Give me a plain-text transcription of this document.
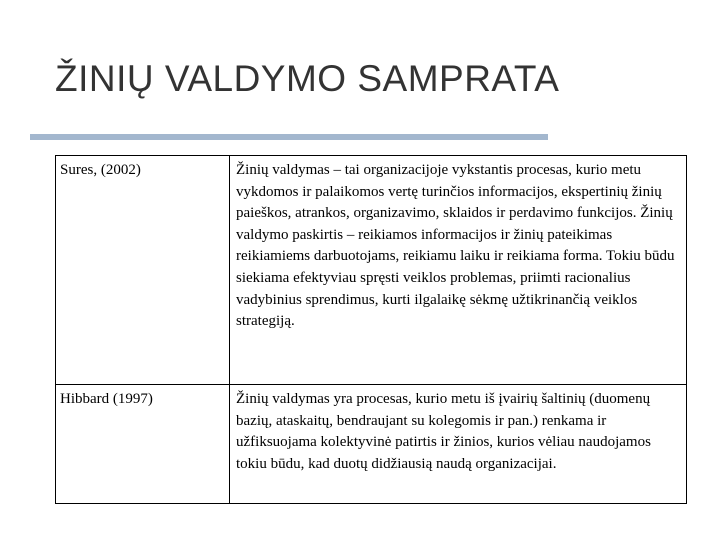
ŽINIŲ VALDYMO SAMPRATA
Sures, (2002)	Žinių valdymas – tai organizacijoje vykstantis procesas, kurio metu vykdomos ir palaikomos vertę turinčios informacijos, ekspertinių žinių paieškos, atrankos, organizavimo, sklaidos ir perdavimo funkcijos. Žinių valdymo paskirtis – reikiamos informacijos ir žinių pateikimas reikiamiems darbuotojams, reikiamu laiku ir reikiama forma. Tokiu būdu siekiama efektyviau spręsti veiklos problemas, priimti racionalius vadybinius sprendimus, kurti ilgalaikę sėkmę užtikrinančią veiklos strategiją.
Hibbard (1997)	Žinių valdymas yra procesas, kurio metu iš įvairių šaltinių (duomenų bazių, ataskaitų, bendraujant su kolegomis ir pan.) renkama ir užfiksuojama kolektyvinė patirtis ir žinios, kurios vėliau naudojamos tokiu būdu, kad duotų didžiausią naudą organizacijai.
